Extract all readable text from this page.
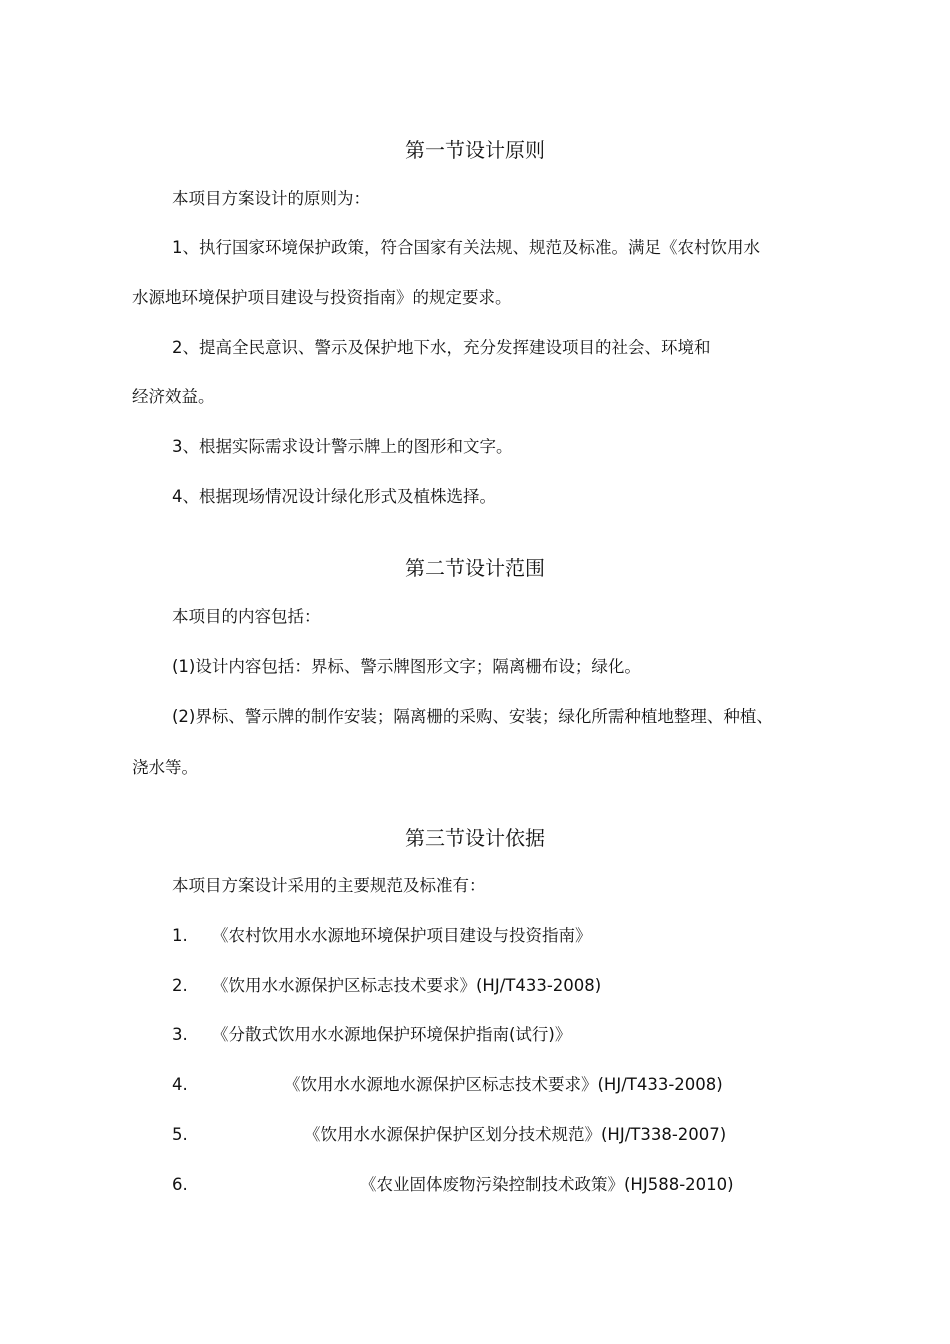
第一节设计原则
本项目方案设计的原则为：
1、执行国家环境保护政策，符合国家有关法规、规范及标准。满足《农村饮用水
水源地环境保护项目建设与投资指南》的规定要求。
2、提高全民意识、警示及保护地下水，充分发挥建设项目的社会、环境和
经济效益。
3、根据实际需求设计警示牌上的图形和文字。
4、根据现场情况设计绿化形式及植株选择。
第二节设计范围
本项目的内容包括：
(1)设计内容包括：界标、警示牌图形文字；隔离栅布设；绿化。
(2)界标、警示牌的制作安装；隔离栅的采购、安装；绿化所需种植地整理、种植、
浇水等。
第三节设计依据
本项目方案设计采用的主要规范及标准有：
1. 《农村饮用水水源地环境保护项目建设与投资指南》
2. 《饮用水水源保护区标志技术要求》(HJ/T433-2008)
3. 《分散式饮用水水源地保护环境保护指南(试行)》
4.	《饮用水水源地水源保护区标志技术要求》(HJ/T433-2008)
5.	《饮用水水源保护保护区划分技术规范》(HJ/T338-2007)
6.	《农业固体废物污染控制技术政策》(HJ588-2010)
